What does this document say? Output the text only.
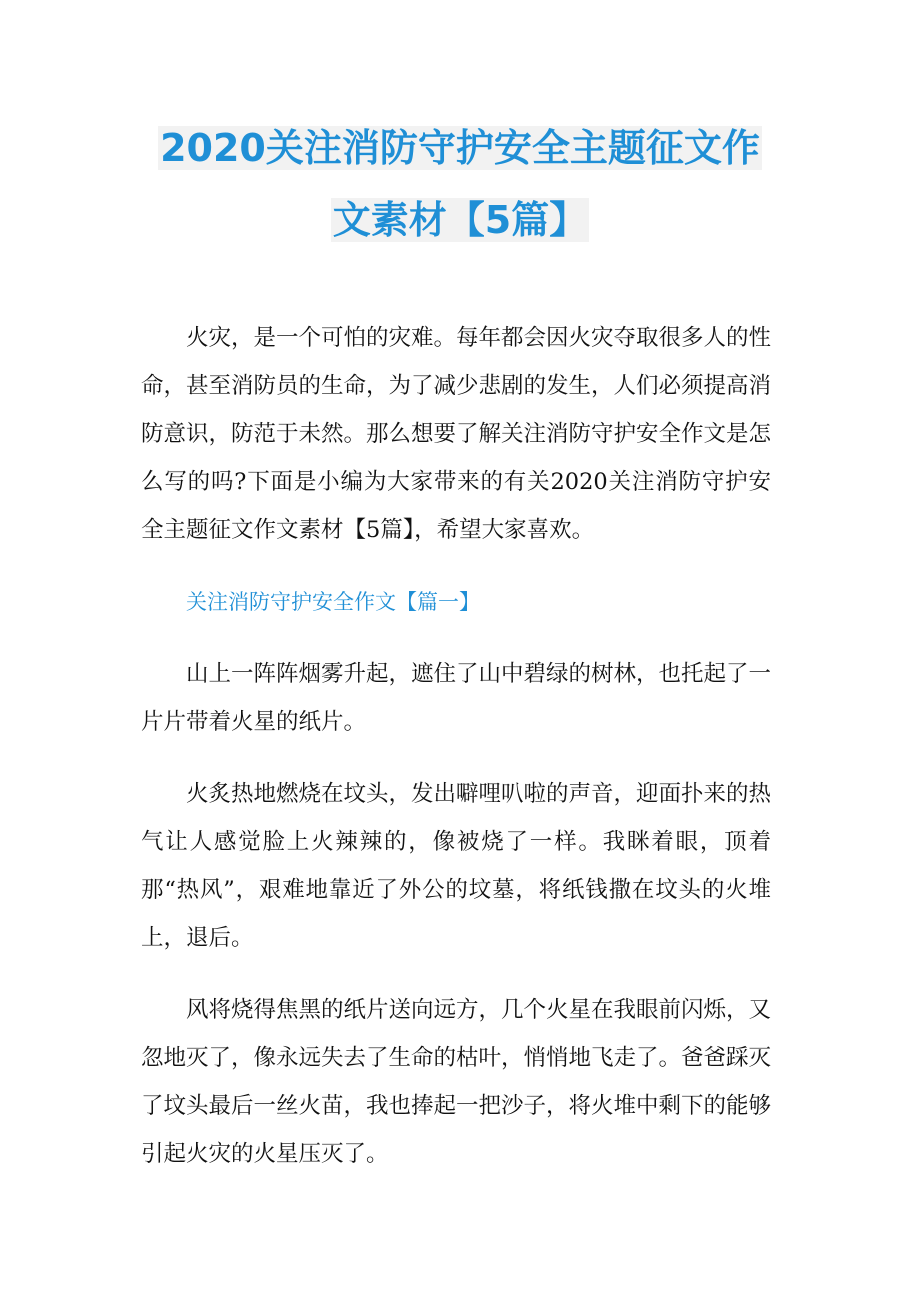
2020关注消防守护安全主题征文作
文素材【5篇】

火灾，是一个可怕的灾难。每年都会因火灾夺取很多人的性命，甚至消防员的生命，为了减少悲剧的发生，人们必须提高消防意识，防范于未然。那么想要了解关注消防守护安全作文是怎么写的吗?下面是小编为大家带来的有关2020关注消防守护安全主题征文作文素材【5篇】，希望大家喜欢。

关注消防守护安全作文【篇一】

山上一阵阵烟雾升起，遮住了山中碧绿的树林，也托起了一片片带着火星的纸片。

火炙热地燃烧在坟头，发出噼哩叭啦的声音，迎面扑来的热气让人感觉脸上火辣辣的，像被烧了一样。我眯着眼，顶着那“热风”，艰难地靠近了外公的坟墓，将纸钱撒在坟头的火堆上，退后。

风将烧得焦黑的纸片送向远方，几个火星在我眼前闪烁，又忽地灭了，像永远失去了生命的枯叶，悄悄地飞走了。爸爸踩灭了坟头最后一丝火苗，我也捧起一把沙子，将火堆中剩下的能够引起火灾的火星压灭了。
